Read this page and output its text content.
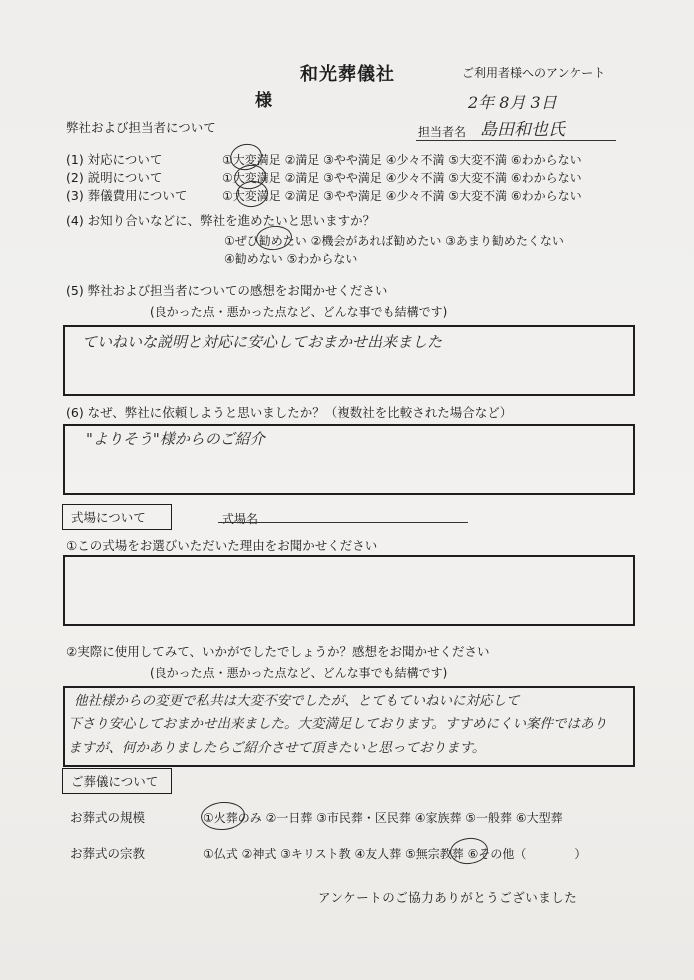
和光葬儀社	ご利用者様へのアンケート
様	2年 8月 3日
弊社および担当者について	担当者名 島田和也氏
(1) 対応について	①大変満足 ②満足 ③やや満足 ④少々不満 ⑤大変不満 ⑥わからない
(2) 説明について	①大変満足 ②満足 ③やや満足 ④少々不満 ⑤大変不満 ⑥わからない
(3) 葬儀費用について	①大変満足 ②満足 ③やや満足 ④少々不満 ⑤大変不満 ⑥わからない
(4) お知り合いなどに、弊社を進めたいと思いますか？
①ぜひ勧めたい ②機会があれば勧めたい ③あまり勧めたくない
④勧めない ⑤わからない
(5) 弊社および担当者についての感想をお聞かせください
(良かった点・悪かった点など、どんな事でも結構です)
ていねいな説明と対応に安心しておまかせ出来ました
(6) なぜ、弊社に依頼しようと思いましたか？（複数社を比較された場合など）
"よりそう"様からのご紹介
式場について	式場名
①この式場をお選びいただいた理由をお聞かせください
②実際に使用してみて、いかがでしたでしょうか？感想をお聞かせください
(良かった点・悪かった点など、どんな事でも結構です)
他社様からの変更で私共は大変不安でしたが、とてもていねいに対応して
下さり安心しておまかせ出来ました。大変満足しております。すすめにくい案件ではあり
ますが、何かありましたらご紹介させて頂きたいと思っております。
ご葬儀について
お葬式の規模	①火葬のみ ②一日葬 ③市民葬・区民葬 ④家族葬 ⑤一般葬 ⑥大型葬
お葬式の宗教	①仏式 ②神式 ③キリスト教 ④友人葬 ⑤無宗教葬 ⑥その他（　　　　）
アンケートのご協力ありがとうございました
